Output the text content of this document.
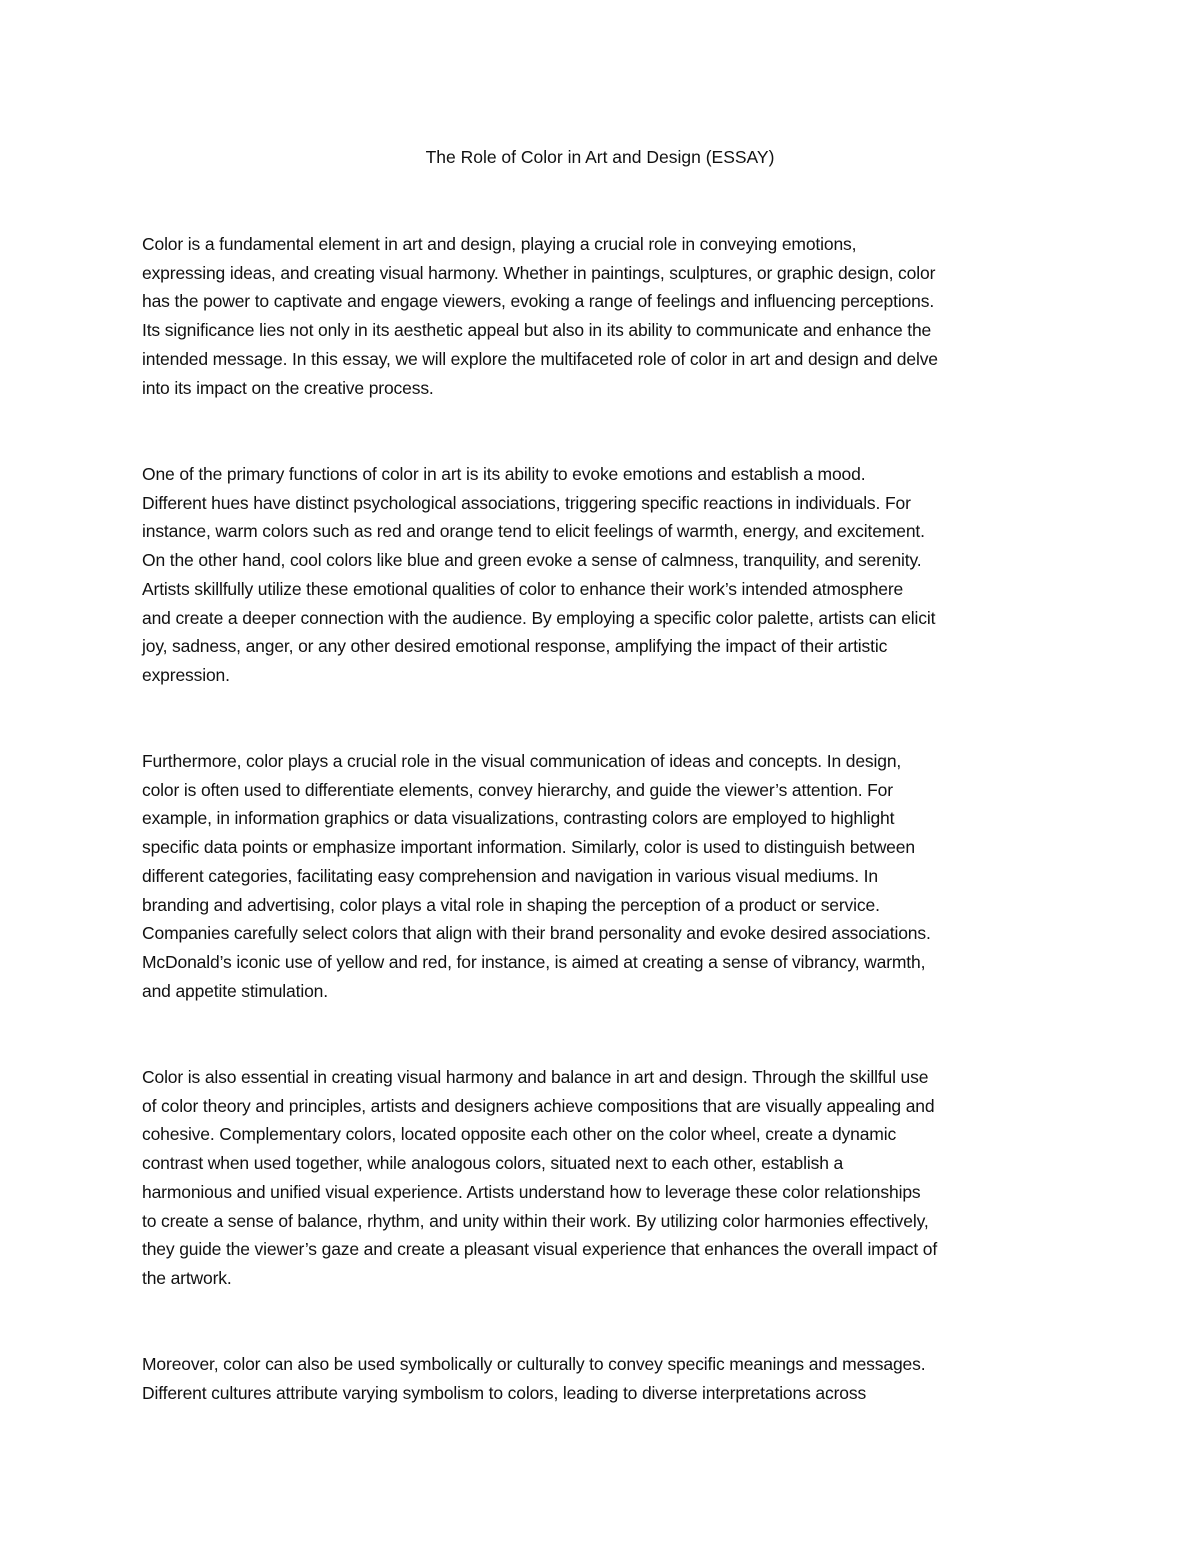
The Role of Color in Art and Design (ESSAY)

Color is a fundamental element in art and design, playing a crucial role in conveying emotions,
expressing ideas, and creating visual harmony. Whether in paintings, sculptures, or graphic design, color
has the power to captivate and engage viewers, evoking a range of feelings and influencing perceptions.
Its significance lies not only in its aesthetic appeal but also in its ability to communicate and enhance the
intended message. In this essay, we will explore the multifaceted role of color in art and design and delve
into its impact on the creative process.

One of the primary functions of color in art is its ability to evoke emotions and establish a mood.
Different hues have distinct psychological associations, triggering specific reactions in individuals. For
instance, warm colors such as red and orange tend to elicit feelings of warmth, energy, and excitement.
On the other hand, cool colors like blue and green evoke a sense of calmness, tranquility, and serenity.
Artists skillfully utilize these emotional qualities of color to enhance their work’s intended atmosphere
and create a deeper connection with the audience. By employing a specific color palette, artists can elicit
joy, sadness, anger, or any other desired emotional response, amplifying the impact of their artistic
expression.

Furthermore, color plays a crucial role in the visual communication of ideas and concepts. In design,
color is often used to differentiate elements, convey hierarchy, and guide the viewer’s attention. For
example, in information graphics or data visualizations, contrasting colors are employed to highlight
specific data points or emphasize important information. Similarly, color is used to distinguish between
different categories, facilitating easy comprehension and navigation in various visual mediums. In
branding and advertising, color plays a vital role in shaping the perception of a product or service.
Companies carefully select colors that align with their brand personality and evoke desired associations.
McDonald’s iconic use of yellow and red, for instance, is aimed at creating a sense of vibrancy, warmth,
and appetite stimulation.

Color is also essential in creating visual harmony and balance in art and design. Through the skillful use
of color theory and principles, artists and designers achieve compositions that are visually appealing and
cohesive. Complementary colors, located opposite each other on the color wheel, create a dynamic
contrast when used together, while analogous colors, situated next to each other, establish a
harmonious and unified visual experience. Artists understand how to leverage these color relationships
to create a sense of balance, rhythm, and unity within their work. By utilizing color harmonies effectively,
they guide the viewer’s gaze and create a pleasant visual experience that enhances the overall impact of
the artwork.

Moreover, color can also be used symbolically or culturally to convey specific meanings and messages.
Different cultures attribute varying symbolism to colors, leading to diverse interpretations across
